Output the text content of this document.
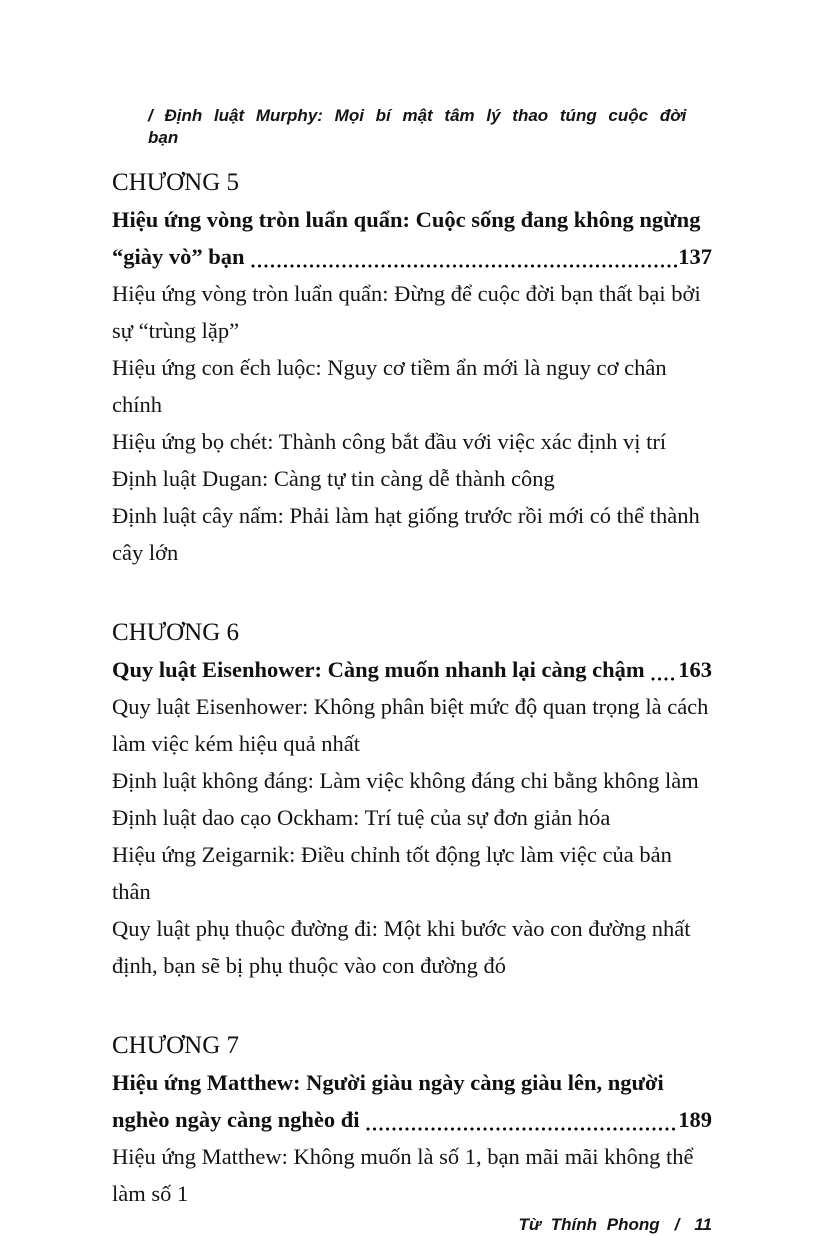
/ Định luật Murphy: Mọi bí mật tâm lý thao túng cuộc đời bạn
CHƯƠNG 5
Hiệu ứng vòng tròn luẩn quẩn: Cuộc sống đang không ngừng
“giày vò” bạn	137
Hiệu ứng vòng tròn luẩn quẩn: Đừng để cuộc đời bạn thất bại bởi
sự “trùng lặp”
Hiệu ứng con ếch luộc: Nguy cơ tiềm ẩn mới là nguy cơ chân chính
Hiệu ứng bọ chét: Thành công bắt đầu với việc xác định vị trí
Định luật Dugan: Càng tự tin càng dễ thành công
Định luật cây nấm: Phải làm hạt giống trước rồi mới có thể thành
cây lớn
CHƯƠNG 6
Quy luật Eisenhower: Càng muốn nhanh lại càng chậm 163
Quy luật Eisenhower: Không phân biệt mức độ quan trọng là cách
làm việc kém hiệu quả nhất
Định luật không đáng: Làm việc không đáng chi bằng không làm
Định luật dao cạo Ockham: Trí tuệ của sự đơn giản hóa
Hiệu ứng Zeigarnik: Điều chỉnh tốt động lực làm việc của bản thân
Quy luật phụ thuộc đường đi: Một khi bước vào con đường nhất
định, bạn sẽ bị phụ thuộc vào con đường đó
CHƯƠNG 7
Hiệu ứng Matthew: Người giàu ngày càng giàu lên, người
nghèo ngày càng nghèo đi	189
Hiệu ứng Matthew: Không muốn là số 1, bạn mãi mãi không thể
làm số 1
Từ Thính Phong / 11
